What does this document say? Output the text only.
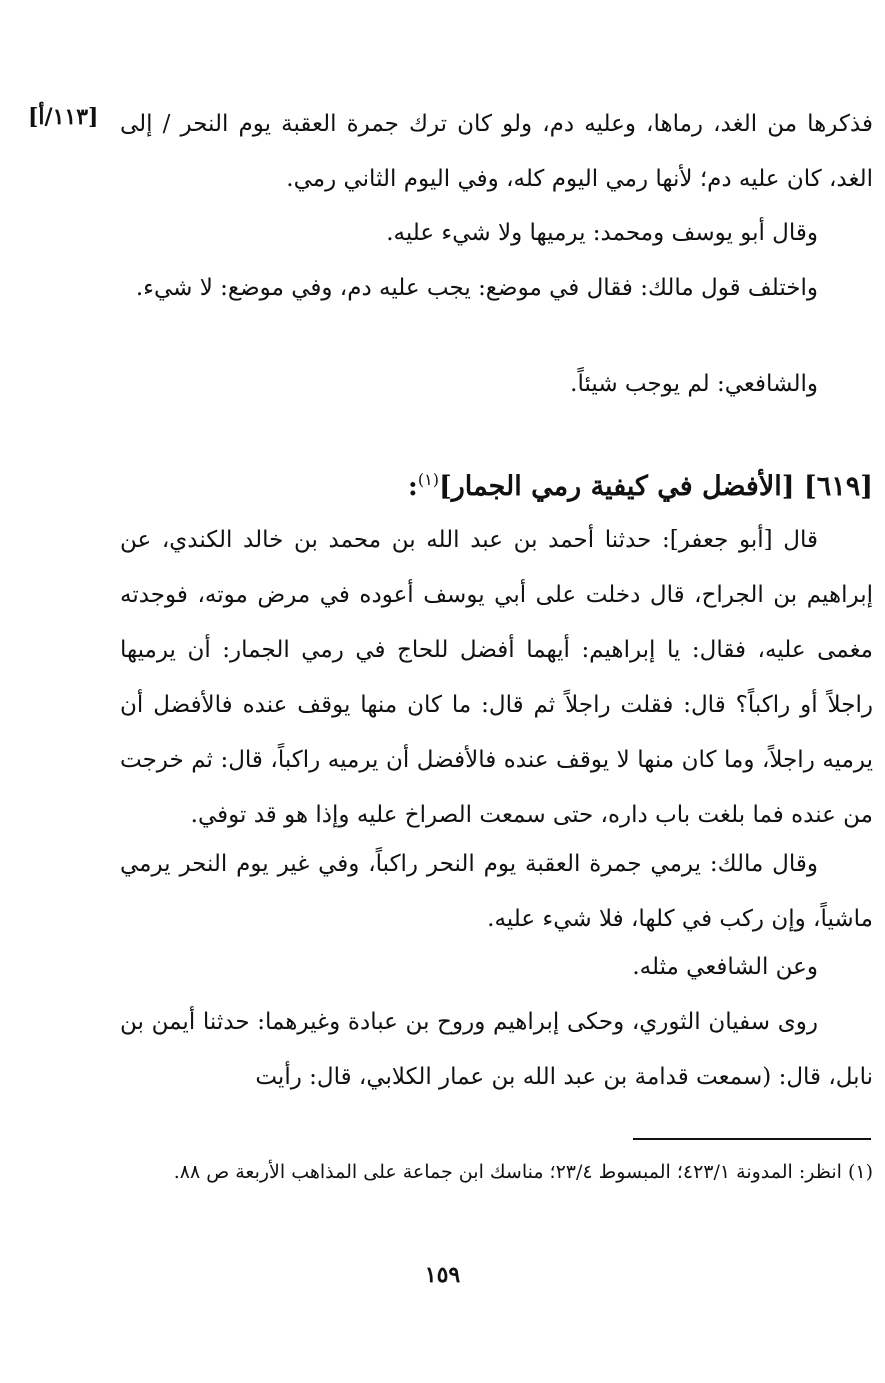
[١١٣/أ] فذكرها من الغد، رماها، وعليه دم، ولو كان ترك جمرة العقبة يوم النحر / إلى الغد، كان عليه دم؛ لأنها رمي اليوم كله، وفي اليوم الثاني رمي.

وقال أبو يوسف ومحمد: يرميها ولا شيء عليه.

واختلف قول مالك: فقال في موضع: يجب عليه دم، وفي موضع: لا شيء.

والشافعي: لم يوجب شيئاً.

[٦١٩] [الأفضل في كيفية رمي الجمار]$^{(١)}$:

قال [أبو جعفر]: حدثنا أحمد بن عبد الله بن محمد بن خالد الكندي، عن إبراهيم بن الجراح، قال دخلت على أبي يوسف أعوده في مرض موته، فوجدته مغمى عليه، فقال: يا إبراهيم: أيهما أفضل للحاج في رمي الجمار: أن يرميها راجلاً أو راكباً؟ قال: فقلت راجلاً ثم قال: ما كان منها يوقف عنده فالأفضل أن يرميه راجلاً، وما كان منها لا يوقف عنده فالأفضل أن يرميه راكباً، قال: ثم خرجت من عنده فما بلغت باب داره، حتى سمعت الصراخ عليه وإذا هو قد توفي.

وقال مالك: يرمي جمرة العقبة يوم النحر راكباً، وفي غير يوم النحر يرمي ماشياً، وإن ركب في كلها، فلا شيء عليه.

وعن الشافعي مثله.

روى سفيان الثوري، وحكى إبراهيم وروح بن عبادة وغيرهما: حدثنا أيمن بن نابل، قال: (سمعت قدامة بن عبد الله بن عمار الكلابي، قال: رأيت

(١) انظر: المدونة ٤٢٣/١؛ المبسوط ٢٣/٤؛ مناسك ابن جماعة على المذاهب الأربعة ص ٨٨.

١٥٩
